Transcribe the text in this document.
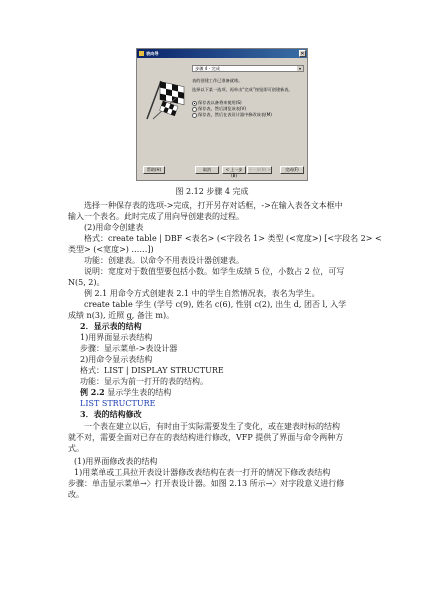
表向导	✕
步骤 4 - 完成	▾
表的创建工作已准备就绪。
选择以下某一选项，再单击“完成”按钮即可创建新表。
保存表以备将来使用(S)
保存表，然后浏览该表(V)
保存表，然后在表设计器中修改该表(M)
帮助(H)	取消	< 上一步(B)
下一步(N) >	完成(F)
图 2.12 步骤 4 完成
选择一种保存表的选项->完成，打开另存对话框，->在输入表各文本框中
输入一个表名。此时完成了用向导创建表的过程。
(2)用命令创建表
格式：create table | DBF <表名> (<字段名 1> 类型 (<宽度>) [<字段名 2> <
类型> (<宽度>) ……])
功能：创建表。以命令不用表设计器创建表。
说明：宽度对于数值型要包括小数。如学生成绩 5 位，小数占 2 位，可写
N(5, 2)。
例 2.1 用命令方式创建表 2.1 中的学生自然情况表，表名为学生。
create table 学生 (学号 c(9), 姓名 c(6), 性别 c(2), 出生 d, 团否 l, 入学
成绩 n(3), 近照 g, 备注 m)。
2．显示表的结构
1)用界面显示表结构
步骤：显示菜单->表设计器
2)用命令显示表结构
格式：LIST | DISPLAY STRUCTURE
功能：显示为前一打开的表的结构。
例 2.2 显示学生表的结构
LIST STRUCTURE
3．表的结构修改
一个表在建立以后，有时由于实际需要发生了变化，或在建表时标的结构
就不对，需要全面对已存在的表结构进行修改，VFP 提供了界面与命令两种方
式。
(1)用界面修改表的结构
1)用菜单或工具拉开表设计器修改表结构在表一打开的情况下修改表结构
步骤：单击显示菜单→〉打开表设计器。如图 2.13 所示→〉对字段意义进行修
改。
